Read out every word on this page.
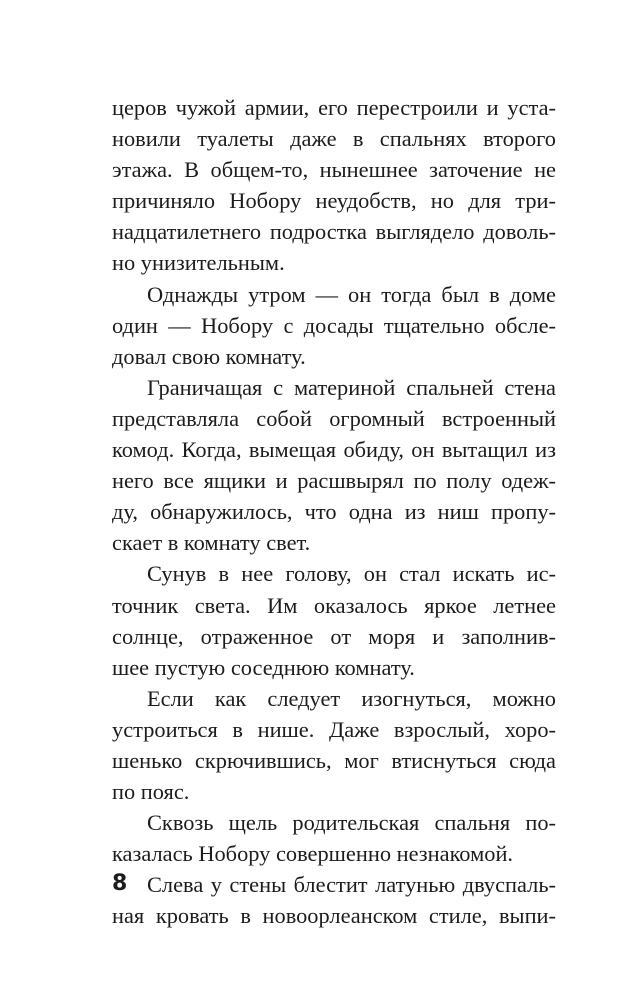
церов чужой армии, его перестроили и уста-
новили туалеты даже в спальнях второго
этажа. В общем-то, нынешнее заточение не
причиняло Нобору неудобств, но для три-
надцатилетнего подростка выглядело доволь-
но унизительным.

Однажды утром — он тогда был в доме
один — Нобору с досады тщательно обсле-
довал свою комнату.

Граничащая с материной спальней стена
представляла собой огромный встроенный
комод. Когда, вымещая обиду, он вытащил из
него все ящики и расшвырял по полу одеж-
ду, обнаружилось, что одна из ниш пропу-
скает в комнату свет.

Сунув в нее голову, он стал искать ис-
точник света. Им оказалось яркое летнее
солнце, отраженное от моря и заполнив-
шее пустую соседнюю комнату.

Если как следует изогнуться, можно
устроиться в нише. Даже взрослый, хоро-
шенько скрючившись, мог втиснуться сюда
по пояс.

Сквозь щель родительская спальня по-
казалась Нобору совершенно незнакомой.

Слева у стены блестит латунью двуспаль-
ная кровать в новоорлеанском стиле, выпи-

8
